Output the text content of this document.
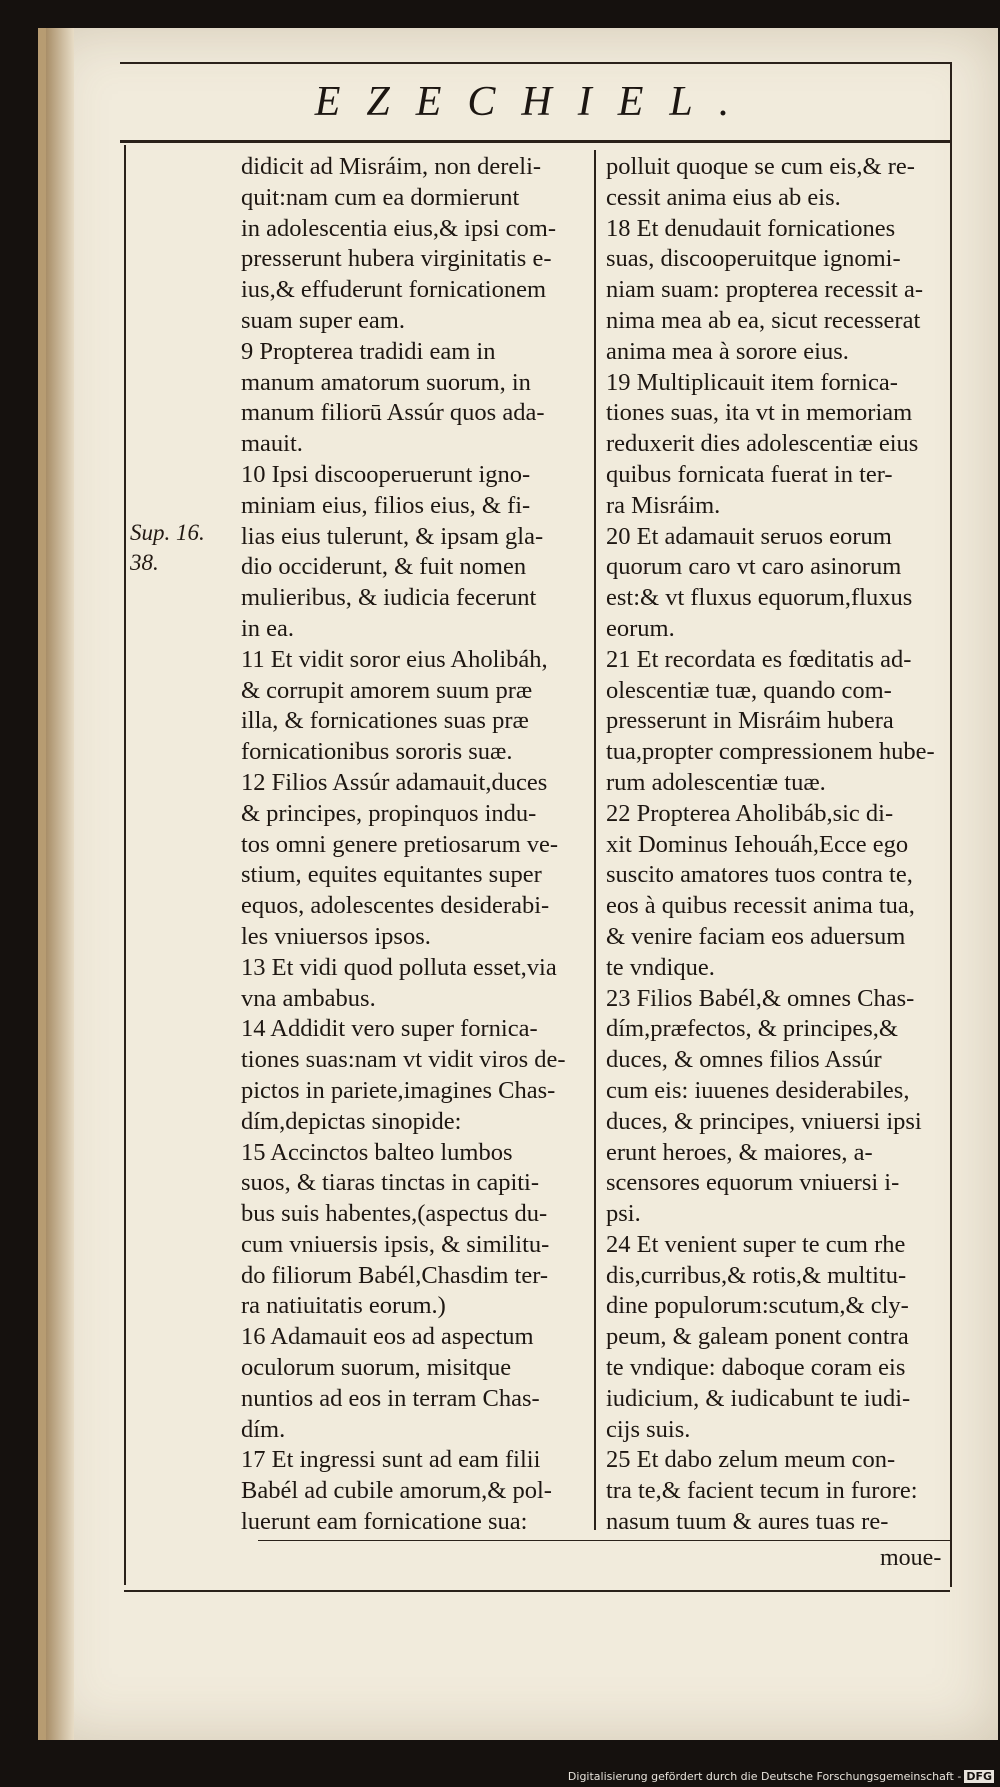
EZECHIEL.
Sup. 16.
38.
didicit ad Misráim, non dereli-
quit:nam cum ea dormierunt
in adolescentia eius,& ipsi com-
presserunt hubera virginitatis e-
ius,& effuderunt fornicationem
suam super eam.
9 Propterea tradidi eam in
manum amatorum suorum, in
manum filiorū Assúr quos ada-
mauit.
10 Ipsi discooperuerunt igno-
miniam eius, filios eius, & fi-
lias eius tulerunt, & ipsam gla-
dio occiderunt, & fuit nomen
mulieribus, & iudicia fecerunt
in ea.
11 Et vidit soror eius Aholibáh,
& corrupit amorem suum præ
illa, & fornicationes suas præ
fornicationibus sororis suæ.
12 Filios Assúr adamauit,duces
& principes, propinquos indu-
tos omni genere pretiosarum ve-
stium, equites equitantes super
equos, adolescentes desiderabi-
les vniuersos ipsos.
13 Et vidi quod polluta esset,via
vna ambabus.
14 Addidit vero super fornica-
tiones suas:nam vt vidit viros de-
pictos in pariete,imagines Chas-
dím,depictas sinopide:
15 Accinctos balteo lumbos
suos, & tiaras tinctas in capiti-
bus suis habentes,(aspectus du-
cum vniuersis ipsis, & similitu-
do filiorum Babél,Chasdim ter-
ra natiuitatis eorum.)
16 Adamauit eos ad aspectum
oculorum suorum, misitque
nuntios ad eos in terram Chas-
dím.
17 Et ingressi sunt ad eam filii
Babél ad cubile amorum,& pol-
luerunt eam fornicatione sua:
polluit quoque se cum eis,& re-
cessit anima eius ab eis.
18 Et denudauit fornicationes
suas, discooperuitque ignomi-
niam suam: propterea recessit a-
nima mea ab ea, sicut recesserat
anima mea à sorore eius.
19 Multiplicauit item fornica-
tiones suas, ita vt in memoriam
reduxerit dies adolescentiæ eius
quibus fornicata fuerat in ter-
ra Misráim.
20 Et adamauit seruos eorum
quorum caro vt caro asinorum
est:& vt fluxus equorum,fluxus
eorum.
21 Et recordata es fœditatis ad-
olescentiæ tuæ, quando com-
presserunt in Misráim hubera
tua,propter compressionem hube-
rum adolescentiæ tuæ.
22 Propterea Aholibáb,sic di-
xit Dominus Iehouáh,Ecce ego
suscito amatores tuos contra te,
eos à quibus recessit anima tua,
& venire faciam eos aduersum
te vndique.
23 Filios Babél,& omnes Chas-
dím,præfectos, & principes,&
duces, & omnes filios Assúr
cum eis: iuuenes desiderabiles,
duces, & principes, vniuersi ipsi
erunt heroes, & maiores, a-
scensores equorum vniuersi i-
psi.
24 Et venient super te cum rhe
dis,curribus,& rotis,& multitu-
dine populorum:scutum,& cly-
peum, & galeam ponent contra
te vndique: daboque coram eis
iudicium, & iudicabunt te iudi-
cijs suis.
25 Et dabo zelum meum con-
tra te,& facient tecum in furore:
nasum tuum & aures tuas re-
moue-
Digitalisierung gefördert durch die Deutsche Forschungsgemeinschaft - DFG
